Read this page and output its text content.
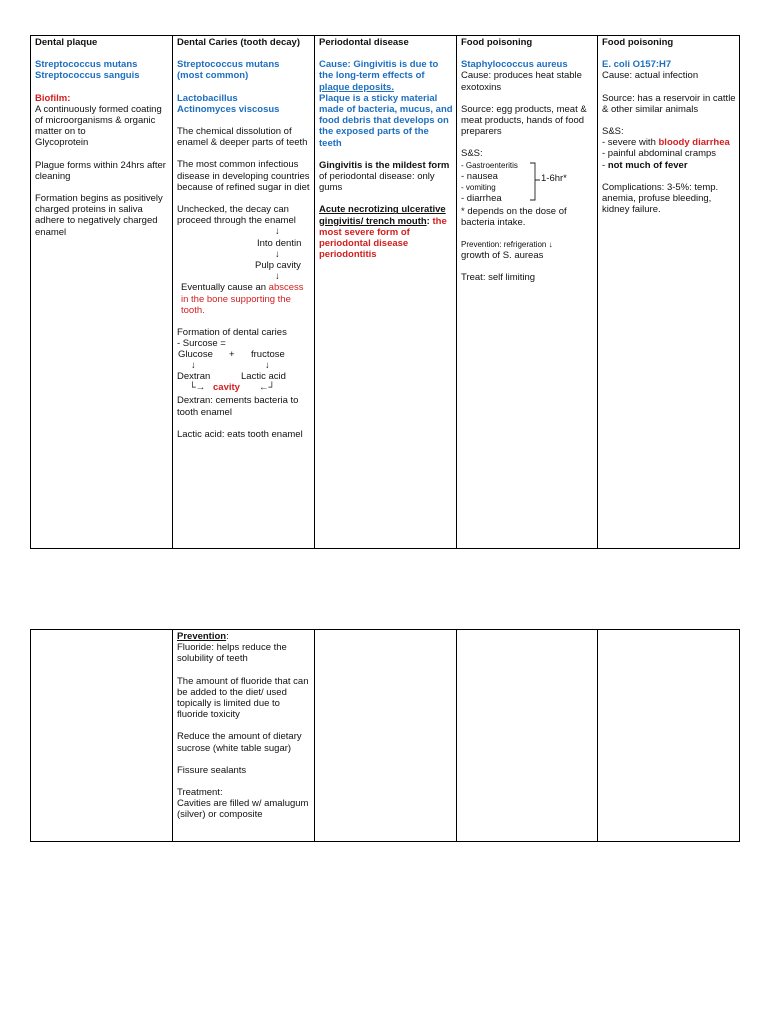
Dental plaque
Streptococcus mutans

Streptococcus sanguis

Biofilm:
A continuously formed coating of microorganisms & organic matter on to

Glycoprotein

Plague forms within 24hrs after cleaning

Formation begins as positively charged proteins in saliva adhere to negatively charged enamel

Dental Caries (tooth decay)
Streptococcus mutans

(most common)

Lactobacillus

Actinomyces viscosus

The chemical dissolution of enamel & deeper parts of teeth

The most common infectious disease in developing countries because of refined sugar in diet

Unchecked, the decay can proceed through the enamel
↓
Into dentin
↓
Pulp cavity
↓

Eventually cause an abscess in the bone supporting the tooth.

Formation of dental caries
- Surcose =
Glucose + fructose
↓	↓
Dextran	Lactic acid
└→ cavity ←┘

Dextran: cements bacteria to tooth enamel

Lactic acid: eats tooth enamel

Periodontal disease
Cause: Gingivitis is due to the long-term effects of plaque deposits.

Plaque is a sticky material made of bacteria, mucus, and food debris that develops on the exposed parts of the teeth

Gingivitis is the mildest form of periodontal disease: only gums

Acute necrotizing ulcerative gingivitis/ trench mouth: the most severe form of periodontal disease
periodontitis

Food poisoning
Staphylococcus aureus

Cause: produces heat stable exotoxins

Source: egg products, meat & meat products, hands of food preparers

S&S:
- Gastroenteritis
- nausea
- vomiting
- diarrhea
1-6hr*

* depends on the dose of bacteria intake.

Prevention: refrigeration ↓

growth of S. aureas

Treat: self limiting

Food poisoning
E. coli O157:H7

Cause: actual infection

Source: has a reservoir in cattle & other similar animals

S&S:
- severe with bloody diarrhea
- painful abdominal cramps

- not much of fever

Complications: 3-5%: temp. anemia, profuse bleeding, kidney failure.

Prevention:

Fluoride: helps reduce the solubility of teeth

The amount of fluoride that can be added to the diet/ used topically is limited due to fluoride toxicity

Reduce the amount of dietary sucrose (white table sugar)

Fissure sealants

Treatment:

Cavities are filled w/ amalugum (silver) or composite
